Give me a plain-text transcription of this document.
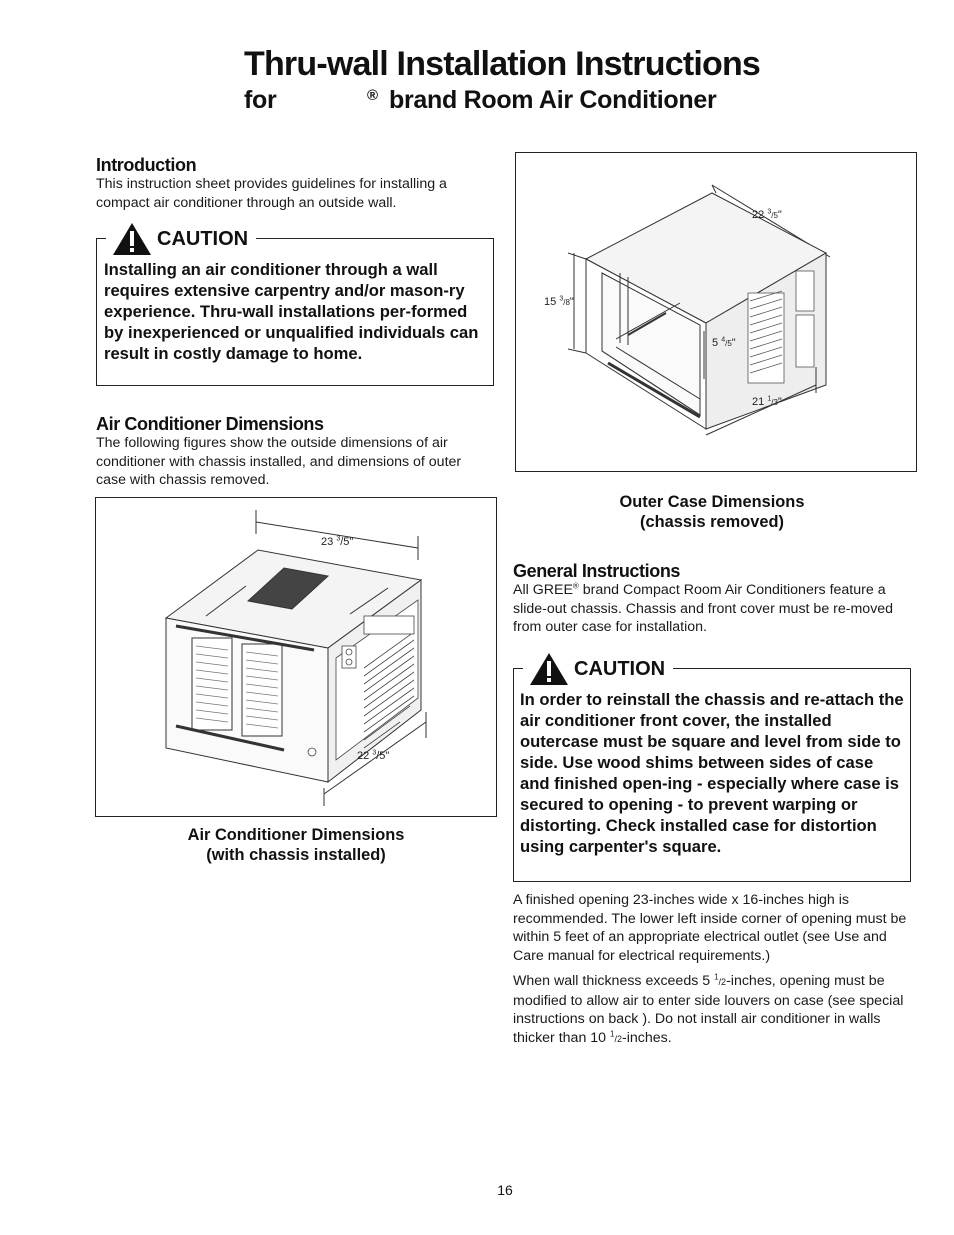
Thru-wall Installation Instructions
for	® brand Room Air Conditioner
Introduction

This instruction sheet provides guidelines for installing a compact air conditioner through an outside wall.

CAUTION
Installing an air conditioner through a wall requires extensive carpentry and/or mason-ry experience. Thru-wall installations per-formed by inexperienced or unqualified individuals can result in costly damage to home.
Air Conditioner Dimensions

The following figures show the outside dimensions of air conditioner with chassis installed, and dimensions of outer case with chassis removed.

23 $^3$/5"
22 $^3$/5"
Air Conditioner Dimensions
(with chassis installed)
22 $^3$/5"
15 $^3$/8"
5 $^4$/5"
21 $^1$/3"
Outer Case Dimensions
(chassis removed)
General Instructions

All GREE® brand Compact Room Air Conditioners feature a slide-out chassis. Chassis and front cover must be re-moved from outer case for installation.

CAUTION
In order to reinstall the chassis and re-attach the air conditioner front cover, the installed outercase must be square and level from side to side. Use wood shims between sides of case and finished open-ing - especially where case is secured to opening - to prevent warping or distorting. Check installed case for distortion using carpenter's square.

A finished opening 23-inches wide x 16-inches high is recommended. The lower left inside corner of opening must be within 5 feet of an appropriate electrical outlet (see Use and Care manual for electrical requirements.)

When wall thickness exceeds 5 $^1$/2-inches, opening must be modified to allow air to enter side louvers on case (see special instructions on back ). Do not install air conditioner in walls thicker than 10 $^1$/2-inches.

16
